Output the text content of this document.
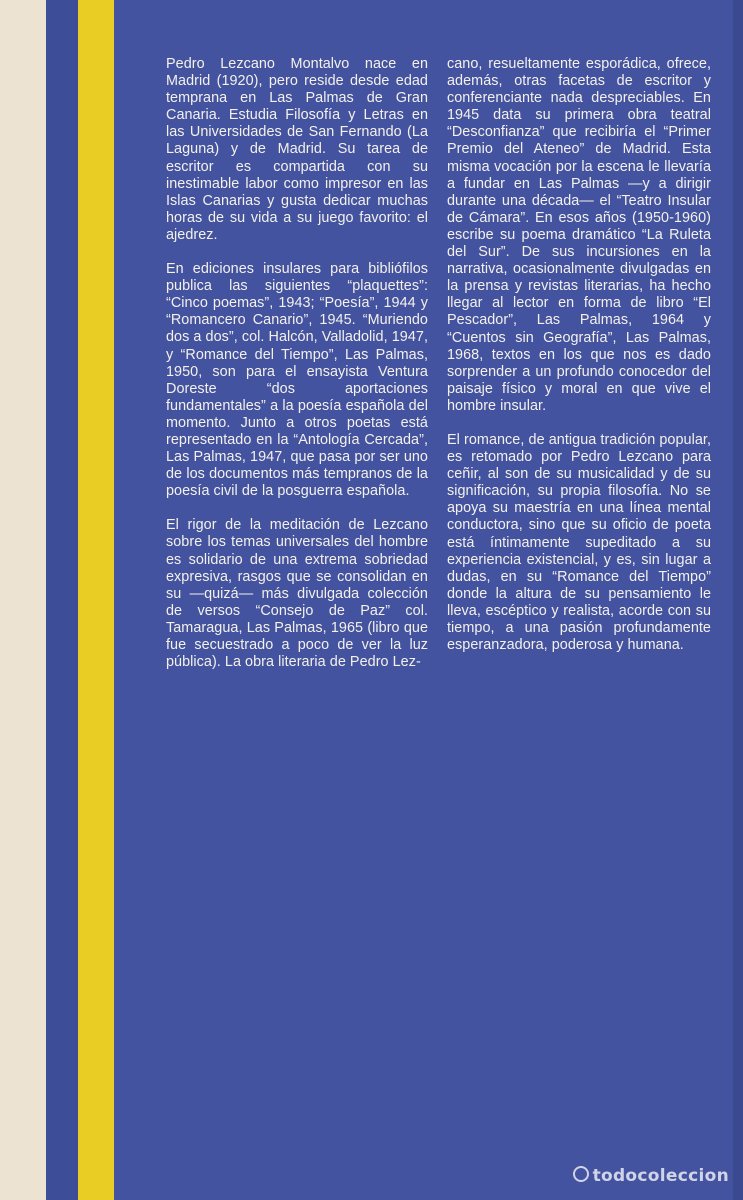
Pedro Lezcano Montalvo nace en Madrid (1920), pero reside desde edad temprana en Las Palmas de Gran Canaria. Estudia Filosofía y Letras en las Universidades de San Fernando (La Laguna) y de Madrid. Su tarea de escritor es compartida con su inestimable labor como impresor en las Islas Canarias y gusta dedicar muchas horas de su vida a su juego favorito: el ajedrez.

En ediciones insulares para bibliófilos publica las siguientes “plaquettes”: “Cinco poemas”, 1943; “Poesía”, 1944 y “Romancero Canario”, 1945. “Muriendo dos a dos”, col. Halcón, Valladolid, 1947, y “Romance del Tiempo”, Las Palmas, 1950, son para el ensayista Ventura Doreste “dos aportaciones fundamentales” a la poesía española del momento. Junto a otros poetas está representado en la “Antología Cercada”, Las Palmas, 1947, que pasa por ser uno de los documentos más tempranos de la poesía civil de la posguerra española.

El rigor de la meditación de Lezcano sobre los temas universales del hombre es solidario de una extrema sobriedad expresiva, rasgos que se consolidan en su —quizá— más divulgada colección de versos “Consejo de Paz” col. Tamaragua, Las Palmas, 1965 (libro que fue secuestrado a poco de ver la luz pública). La obra literaria de Pedro Lez-

cano, resueltamente esporádica, ofrece, además, otras facetas de escritor y conferenciante nada despreciables. En 1945 data su primera obra teatral “Desconfianza” que recibiría el “Primer Premio del Ateneo” de Madrid. Esta misma vocación por la escena le llevaría a fundar en Las Palmas —y a dirigir durante una década— el “Teatro Insular de Cámara”. En esos años (1950-1960) escribe su poema dramático “La Ruleta del Sur”. De sus incursiones en la narrativa, ocasionalmente divulgadas en la prensa y revistas literarias, ha hecho llegar al lector en forma de libro “El Pescador”, Las Palmas, 1964 y “Cuentos sin Geografía”, Las Palmas, 1968, textos en los que nos es dado sorprender a un profundo conocedor del paisaje físico y moral en que vive el hombre insular.

El romance, de antigua tradición popular, es retomado por Pedro Lezcano para ceñir, al son de su musicalidad y de su significación, su propia filosofía. No se apoya su maestría en una línea mental conductora, sino que su oficio de poeta está íntimamente supeditado a su experiencia existencial, y es, sin lugar a dudas, en su “Romance del Tiempo” donde la altura de su pensamiento le lleva, escéptico y realista, acorde con su tiempo, a una pasión profundamente esperanzadora, poderosa y humana.

todocoleccion
